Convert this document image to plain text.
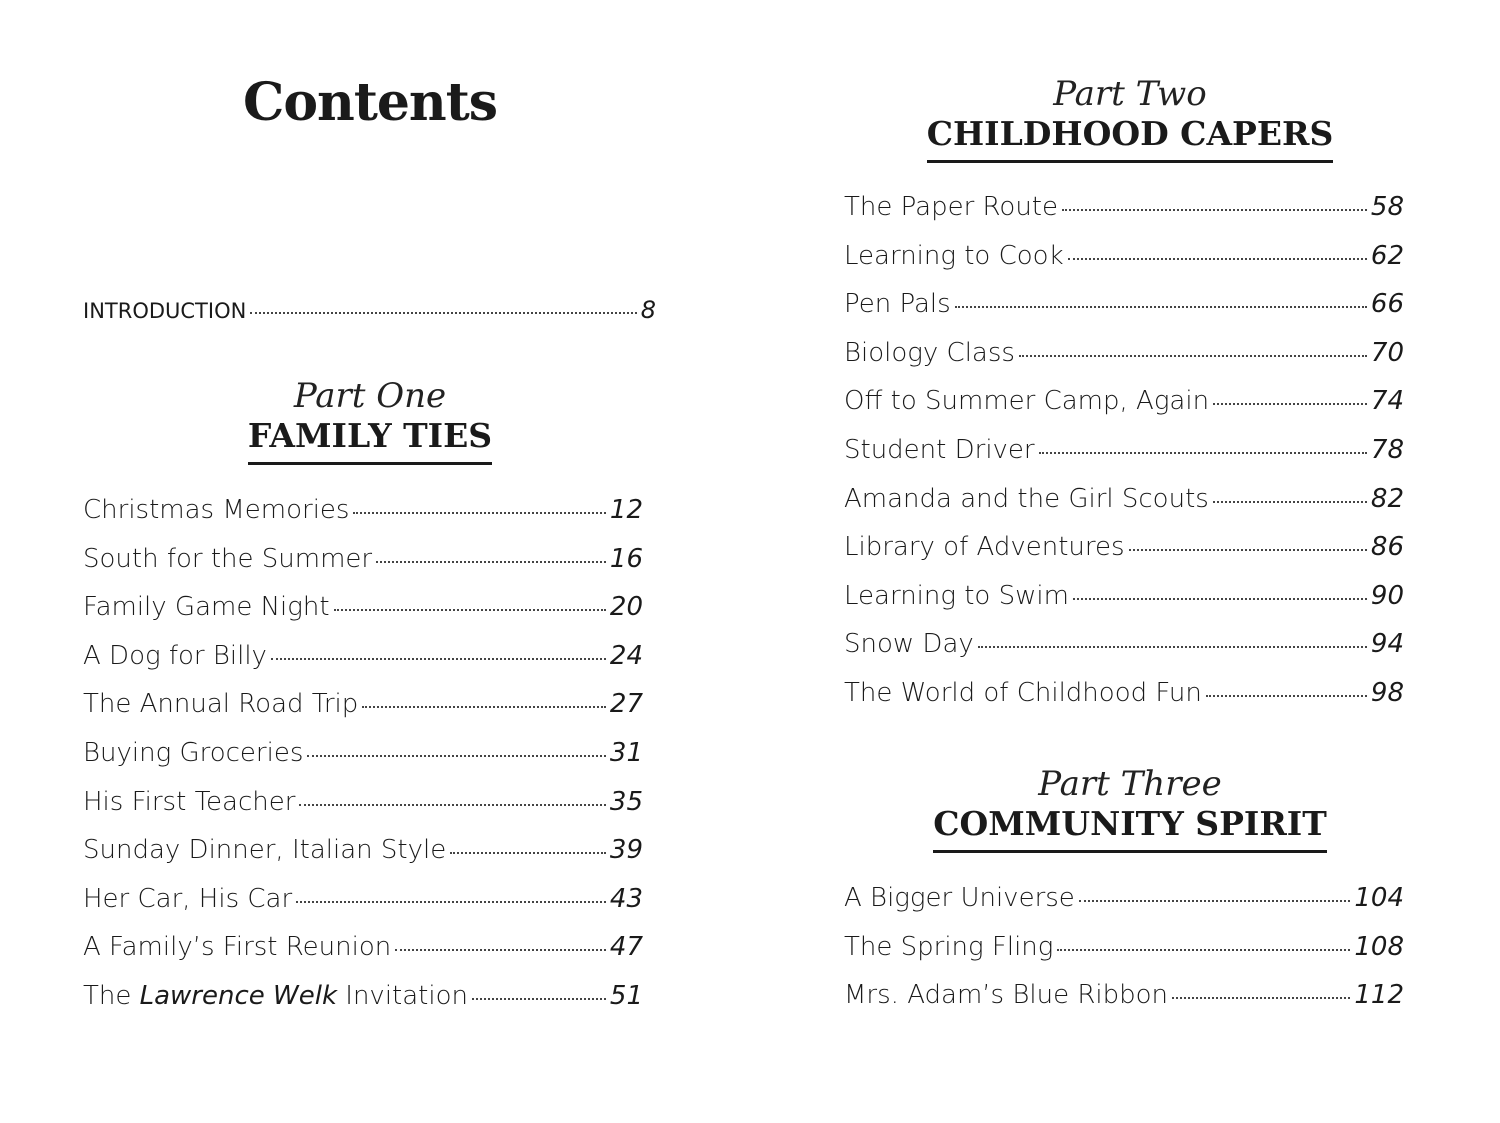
Contents
INTRODUCTION	8
Part One
FAMILY TIES
Christmas Memories	12
South for the Summer	16
Family Game Night	20
A Dog for Billy	24
The Annual Road Trip	27
Buying Groceries	31
His First Teacher	35
Sunday Dinner, Italian Style	39
Her Car, His Car	43
A Family’s First Reunion	47
The Lawrence Welk Invitation	51
Part Two
CHILDHOOD CAPERS
The Paper Route	58
Learning to Cook	62
Pen Pals	66
Biology Class	70
Off to Summer Camp, Again	74
Student Driver	78
Amanda and the Girl Scouts	82
Library of Adventures	86
Learning to Swim	90
Snow Day	94
The World of Childhood Fun	98
Part Three
COMMUNITY SPIRIT
A Bigger Universe	104
The Spring Fling	108
Mrs. Adam’s Blue Ribbon	112
